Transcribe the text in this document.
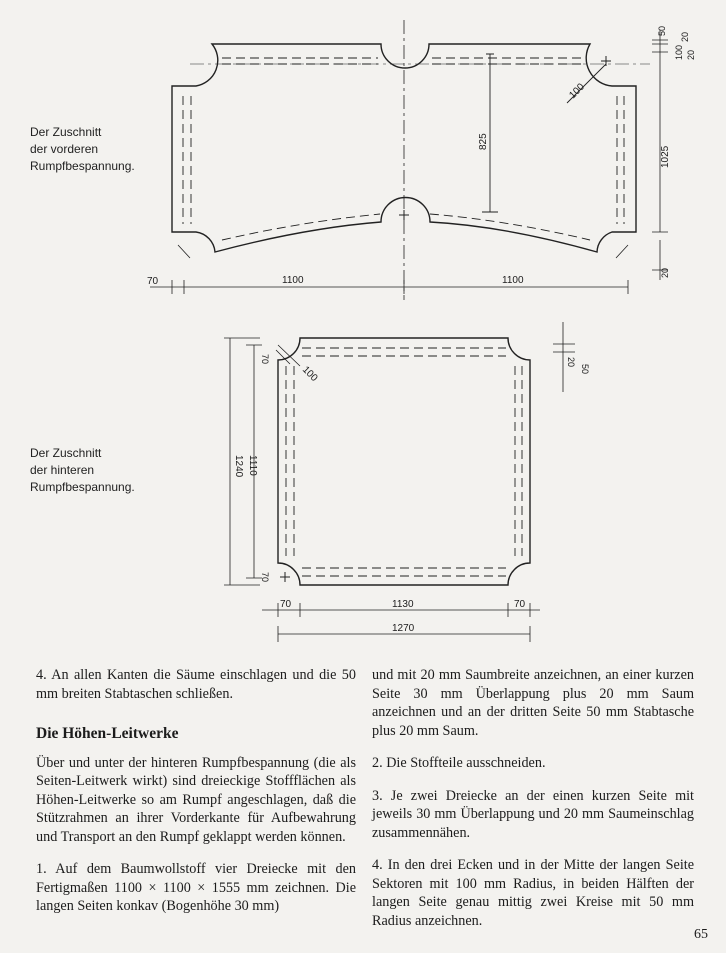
Der Zuschnitt
der vorderen
Rumpfbespannung.
Der Zuschnitt
der hinteren
Rumpfbespannung.
70	1100	1100
825
100
1025
50
20
100 20
20
100
70
70
1240 1110
20
50
70	1130	70
1270

4. An allen Kanten die Säume einschlagen und die 50 mm breiten Stabtaschen schließen.

Die Höhen-Leitwerke

Über und unter der hinteren Rumpfbespannung (die als Seiten-Leitwerk wirkt) sind dreieckige Stoffflächen als Höhen-Leitwerke so am Rumpf angeschlagen, daß die Stützrahmen an ihrer Vorderkante für Aufbewahrung und Transport an den Rumpf geklappt werden können.

1. Auf dem Baumwollstoff vier Dreiecke mit den Fertigmaßen 1100 × 1100 × 1555 mm zeichnen. Die langen Seiten konkav (Bogenhöhe 30 mm)

und mit 20 mm Saumbreite anzeichnen, an einer kurzen Seite 30 mm Überlappung plus 20 mm Saum anzeichnen und an der dritten Seite 50 mm Stabtasche plus 20 mm Saum.

2. Die Stoffteile ausschneiden.

3. Je zwei Dreiecke an der einen kurzen Seite mit jeweils 30 mm Überlappung und 20 mm Saumeinschlag zusammennähen.

4. In den drei Ecken und in der Mitte der langen Seite Sektoren mit 100 mm Radius, in beiden Hälften der langen Seite genau mittig zwei Kreise mit 50 mm Radius anzeichnen.

65
